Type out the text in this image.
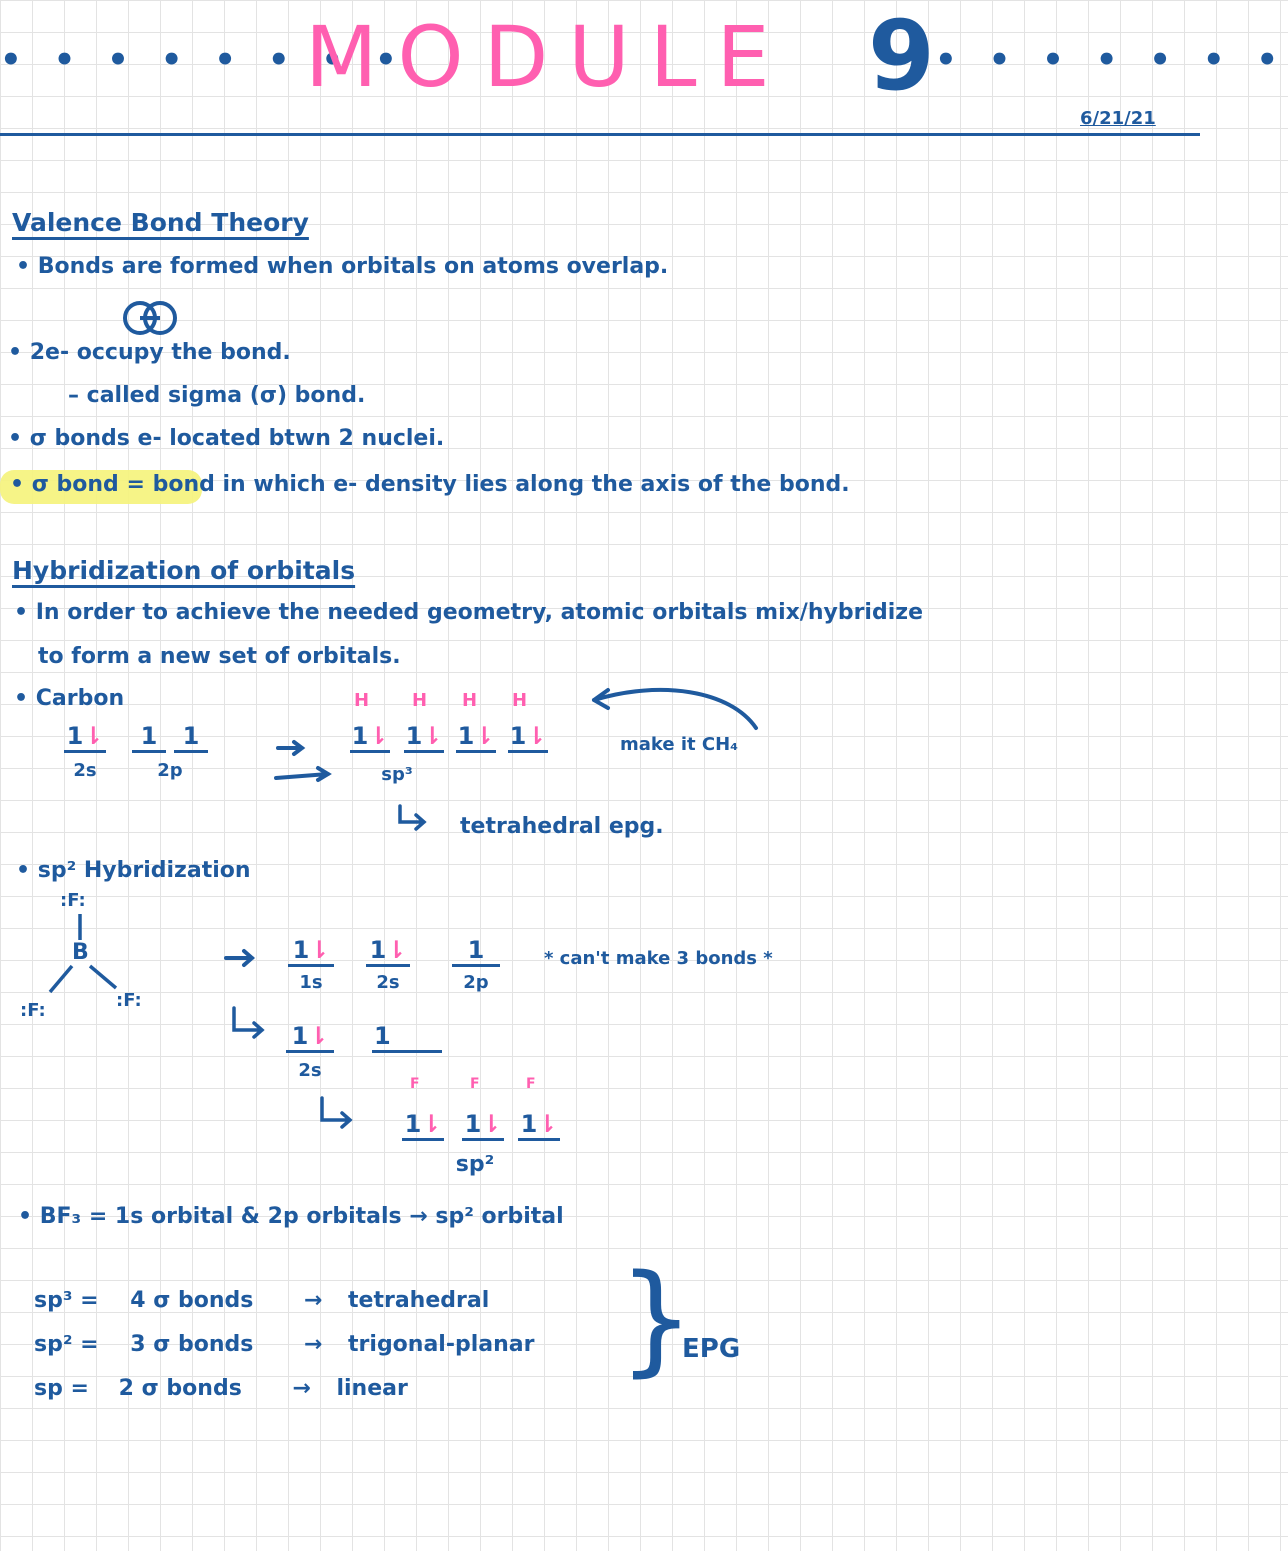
• • • • • • • •
MODULE 9 • • • • • • •
6/21/21
Valence Bond Theory
• Bonds are formed when orbitals on atoms overlap.
• 2e- occupy the bond.
– called sigma (σ) bond.
• σ bonds e- located btwn 2 nuclei.
• σ bond = bond in which e- density lies along the axis of the bond.
Hybridization of orbitals
• In order to achieve the needed geometry, atomic orbitals mix/hybridize
to form a new set of orbitals.
• Carbon
1⇂
2s
1	1
2p
H H H H
1⇂ 1⇂ 1⇂ 1⇂
sp³
make it CH₄
tetrahedral epg.
• sp² Hybridization
:F:
B
:F:	:F:
1⇂
1s
1⇂
2s
1
2p
* can't make 3 bonds *
1⇂
2s
1
F	F	F
1⇂ 1⇂ 1⇂
sp²
• BF₃ = 1s orbital & 2p orbitals → sp² orbital
sp³ = 4 σ bonds → tetrahedral
sp² = 3 σ bonds → trigonal-planar
sp = 2 σ bonds → linear }
EPG
